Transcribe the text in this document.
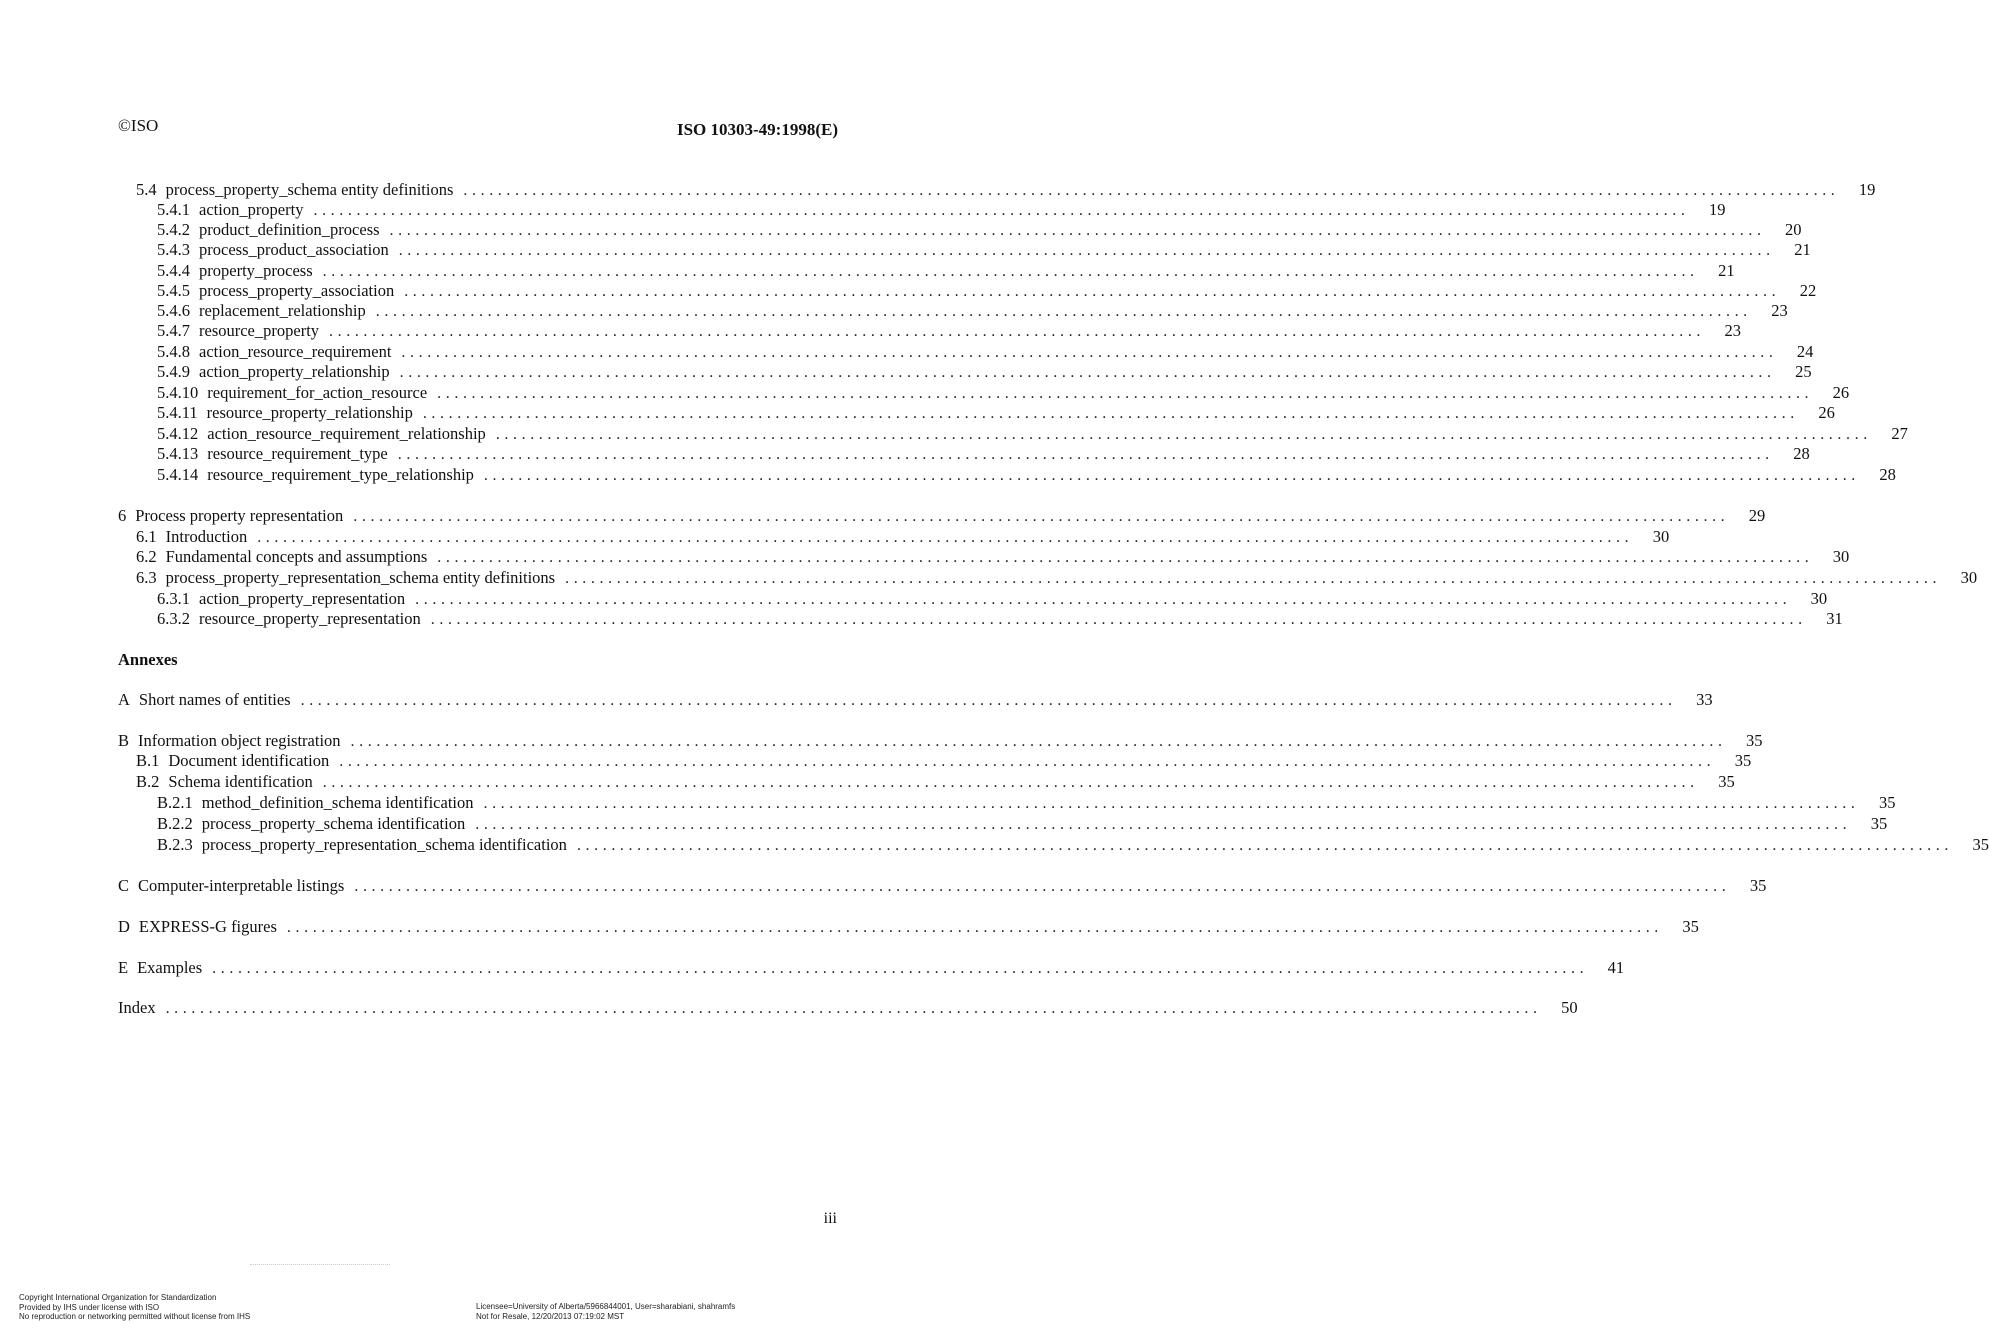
©ISO	ISO 10303-49:1998(E)
5.4 process_property_schema entity definitions ................................................................................................................................................................	19
5.4.1 action_property ................................................................................................................................................................	19
5.4.2 product_definition_process ................................................................................................................................................................	20
5.4.3 process_product_association ................................................................................................................................................................	21
5.4.4 property_process ................................................................................................................................................................	21
5.4.5 process_property_association ................................................................................................................................................................	22
5.4.6 replacement_relationship ................................................................................................................................................................	23
5.4.7 resource_property ................................................................................................................................................................	23
5.4.8 action_resource_requirement ................................................................................................................................................................	24
5.4.9 action_property_relationship ................................................................................................................................................................	25
5.4.10 requirement_for_action_resource ................................................................................................................................................................	26
5.4.11 resource_property_relationship ................................................................................................................................................................	26
5.4.12 action_resource_requirement_relationship ................................................................................................................................................................	27
5.4.13 resource_requirement_type ................................................................................................................................................................	28
5.4.14 resource_requirement_type_relationship ................................................................................................................................................................	28
6 Process property representation ................................................................................................................................................................	29
6.1 Introduction ................................................................................................................................................................	30
6.2 Fundamental concepts and assumptions ................................................................................................................................................................	30
6.3 process_property_representation_schema entity definitions ................................................................................................................................................................	30
6.3.1 action_property_representation ................................................................................................................................................................	30
6.3.2 resource_property_representation ................................................................................................................................................................	31
A Short names of entities ................................................................................................................................................................	33
B Information object registration ................................................................................................................................................................	35
B.1 Document identification ................................................................................................................................................................	35
B.2 Schema identification ................................................................................................................................................................	35
B.2.1 method_definition_schema identification ................................................................................................................................................................	35
B.2.2 process_property_schema identification ................................................................................................................................................................	35
B.2.3 process_property_representation_schema identification ................................................................................................................................................................	35
C Computer-interpretable listings ................................................................................................................................................................	35
D EXPRESS-G figures ................................................................................................................................................................	35
E Examples ................................................................................................................................................................	41
Index ................................................................................................................................................................	50
Annexes
iii
Copyright International Organization for Standardization
Provided by IHS under license with ISO
No reproduction or networking permitted without license from IHS
Licensee=University of Alberta/5966844001, User=sharabiani, shahramfs
Not for Resale, 12/20/2013 07:19:02 MST
